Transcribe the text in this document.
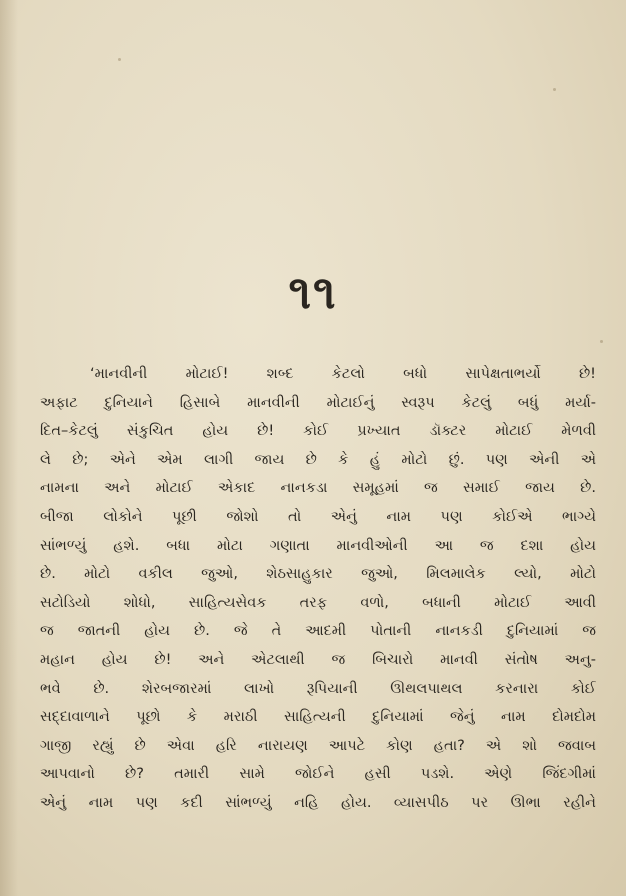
૧૧
‘માનવીની મોટાઈ! શબ્દ કેટલો બધો સાપેક્ષતાભર્યો છે!
અફાટ દુનિયાને હિસાબે માનવીની મોટાઈનું સ્વરૂપ કેટલું બધું મર્યા-
દિત–કેટલું સંકુચિત હોય છે! કોઈ પ્રખ્યાત ડૉક્ટર મોટાઈ મેળવી
લે છે; એને એમ લાગી જાય છે કે હું મોટો છું. પણ એની એ
નામના અને મોટાઈ એકાદ નાનકડા સમૂહમાં જ સમાઈ જાય છે.
બીજા લોકોને પૂછી જોશો તો એનું નામ પણ કોઈએ ભાગ્યે
સાંભળ્યું હશે. બધા મોટા ગણાતા માનવીઓની આ જ દશા હોય
છે. મોટો વકીલ જુઓ, શેઠસાહુકાર જુઓ, મિલમાલેક લ્યો, મોટો
સટોડિયો શોધો, સાહિત્યસેવક તરફ વળો, બધાની મોટાઈ આવી
જ જાતની હોય છે. જે તે આદમી પોતાની નાનકડી દુનિયામાં જ
મહાન હોય છે! અને એટલાથી જ બિચારો માનવી સંતોષ અનુ-
ભવે છે. શેરબજારમાં લાખો રૂપિયાની ઊથલપાથલ કરનારા કોઈ
સદ્દાવાળાને પૂછો કે મરાઠી સાહિત્યની દુનિયામાં જેનું નામ દોમદોમ
ગાજી રહ્યું છે એવા હરિ નારાયણ આપટે કોણ હતા? એ શો જવાબ
આપવાનો છે? તમારી સામે જોઈને હસી પડશે. એણે જિંદગીમાં
એનું નામ પણ કદી સાંભળ્યું નહિ હોય. વ્યાસપીઠ પર ઊભા રહીને
